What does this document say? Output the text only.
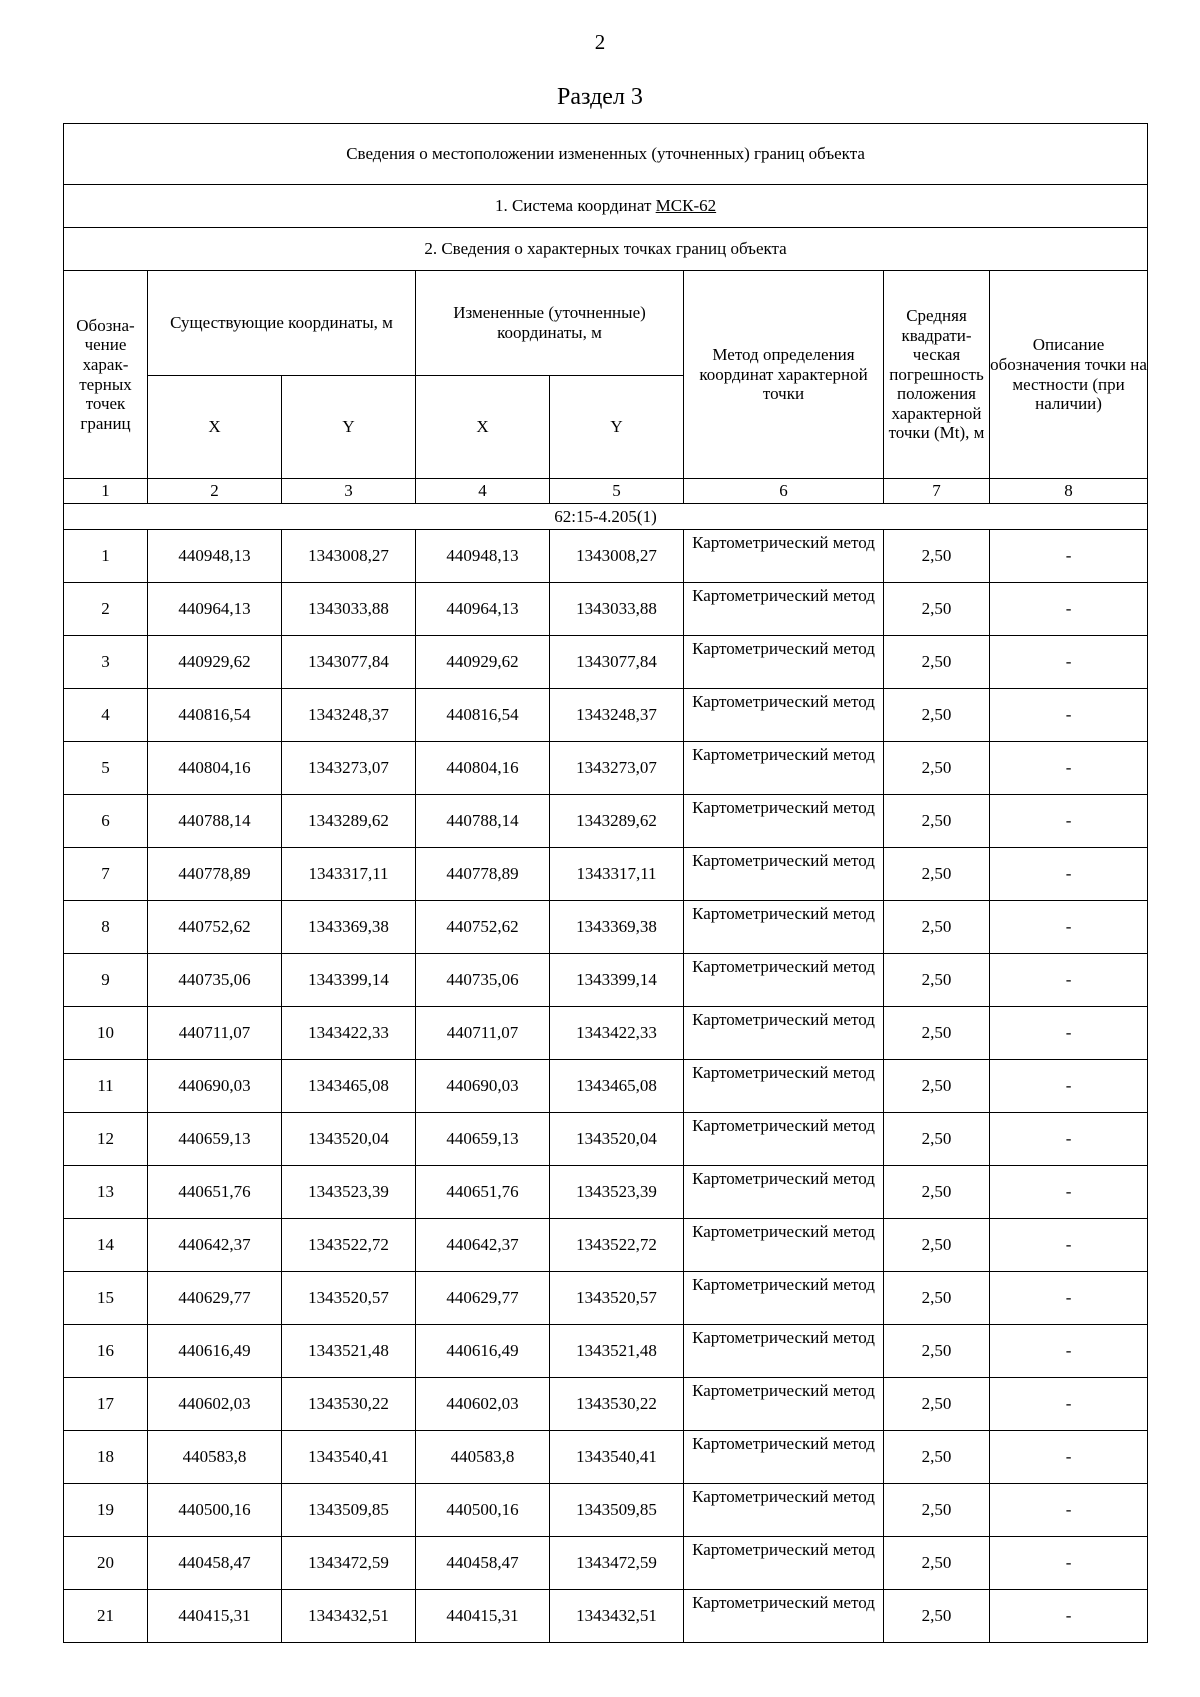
2
Раздел 3
Сведения о местоположении измененных (уточненных) границ объекта							
1. Система координат МСК-62							
2. Сведения о характерных точках границ объекта							
Обозна-чение харак-терных точек границ	Существующие координаты, м		Измененные (уточненные) координаты, м		Метод определения координат характерной точки	Средняя квадрати-ческая погрешность положения характерной точки (Mt), м	Описание обозначения точки на местности (при наличии)
	X	Y	X	Y			
1	2	3	4	5	6	7	8
62:15-4.205(1)							
1	440948,13	1343008,27	440948,13	1343008,27	Картометрический метод	2,50	-
2	440964,13	1343033,88	440964,13	1343033,88	Картометрический метод	2,50	-
3	440929,62	1343077,84	440929,62	1343077,84	Картометрический метод	2,50	-
4	440816,54	1343248,37	440816,54	1343248,37	Картометрический метод	2,50	-
5	440804,16	1343273,07	440804,16	1343273,07	Картометрический метод	2,50	-
6	440788,14	1343289,62	440788,14	1343289,62	Картометрический метод	2,50	-
7	440778,89	1343317,11	440778,89	1343317,11	Картометрический метод	2,50	-
8	440752,62	1343369,38	440752,62	1343369,38	Картометрический метод	2,50	-
9	440735,06	1343399,14	440735,06	1343399,14	Картометрический метод	2,50	-
10	440711,07	1343422,33	440711,07	1343422,33	Картометрический метод	2,50	-
11	440690,03	1343465,08	440690,03	1343465,08	Картометрический метод	2,50	-
12	440659,13	1343520,04	440659,13	1343520,04	Картометрический метод	2,50	-
13	440651,76	1343523,39	440651,76	1343523,39	Картометрический метод	2,50	-
14	440642,37	1343522,72	440642,37	1343522,72	Картометрический метод	2,50	-
15	440629,77	1343520,57	440629,77	1343520,57	Картометрический метод	2,50	-
16	440616,49	1343521,48	440616,49	1343521,48	Картометрический метод	2,50	-
17	440602,03	1343530,22	440602,03	1343530,22	Картометрический метод	2,50	-
18	440583,8	1343540,41	440583,8	1343540,41	Картометрический метод	2,50	-
19	440500,16	1343509,85	440500,16	1343509,85	Картометрический метод	2,50	-
20	440458,47	1343472,59	440458,47	1343472,59	Картометрический метод	2,50	-
21	440415,31	1343432,51	440415,31	1343432,51	Картометрический метод	2,50	-
